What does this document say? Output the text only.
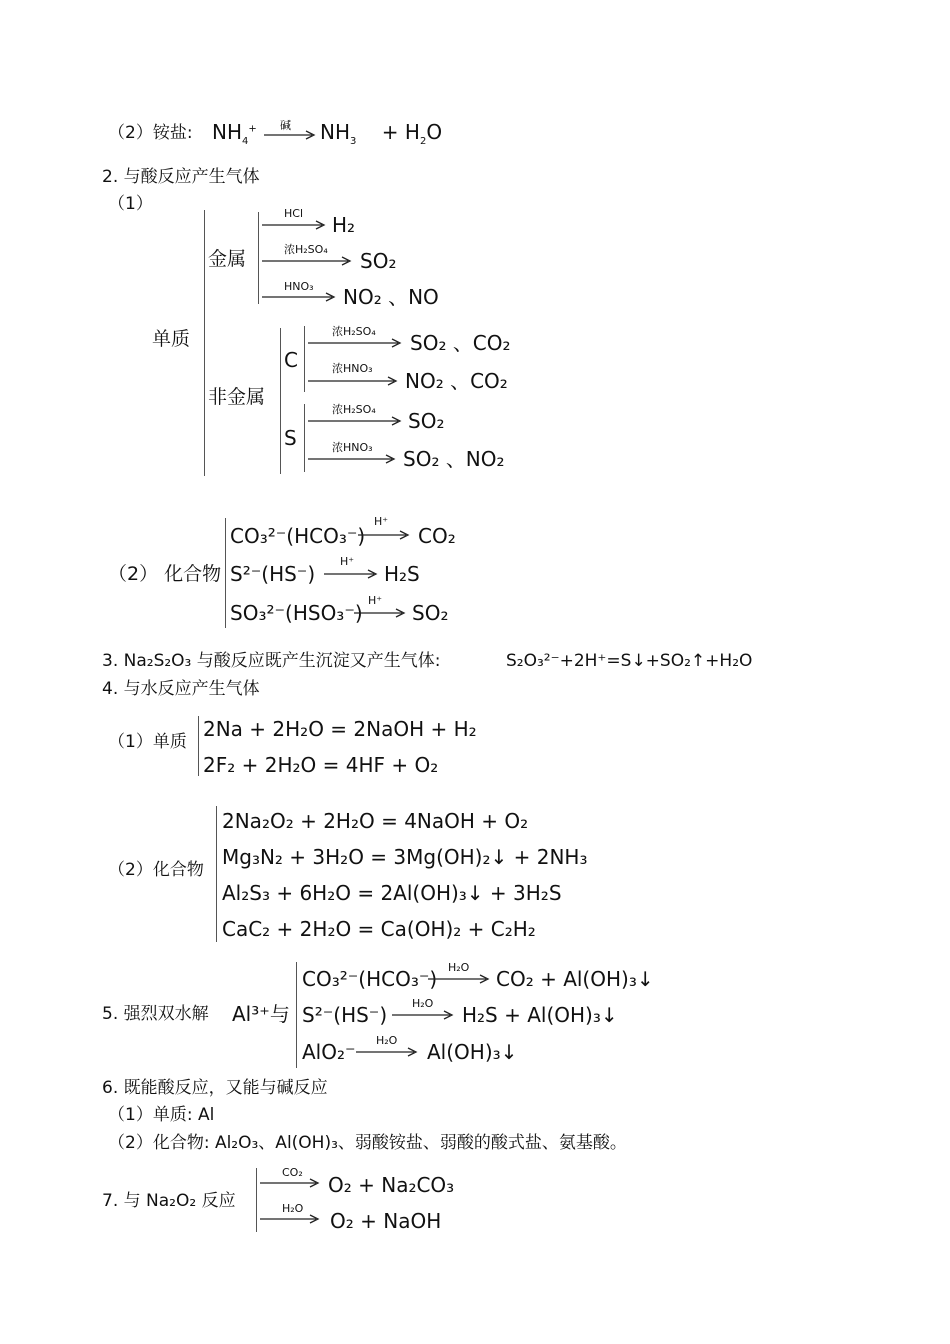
（2）铵盐: $NH_4^+$ 碱 $NH_3$    + $H_2O$
2. 与酸反应产生气体
（1）
单质
金属
HCl H₂
浓H₂SO₄ SO₂
HNO₃ NO₂ 、NO
非金属
C
浓H₂SO₄ SO₂ 、CO₂
浓HNO₃
NO₂ 、CO₂
S
浓H₂SO₄ SO₂
浓HNO₃ SO₂ 、NO₂
（2） 化合物
CO₃²⁻(HCO₃⁻)
H⁺
CO₂
S²⁻(HS⁻)
H⁺
H₂S
SO₃²⁻(HSO₃⁻)
H⁺
SO₂
3. Na₂S₂O₃ 与酸反应既产生沉淀又产生气体:	S₂O₃²⁻+2H⁺=S↓+SO₂↑+H₂O
4. 与水反应产生气体
（1）单质
2Na + 2H₂O = 2NaOH + H₂
2F₂ + 2H₂O = 4HF + O₂
（2）化合物
2Na₂O₂ + 2H₂O = 4NaOH + O₂
Mg₃N₂ + 3H₂O = 3Mg(OH)₂↓ + 2NH₃
Al₂S₃ + 6H₂O = 2Al(OH)₃↓ + 3H₂S
CaC₂ + 2H₂O = Ca(OH)₂ + C₂H₂
5. 强烈双水解 Al³⁺与
CO₃²⁻(HCO₃⁻) H₂O CO₂ + Al(OH)₃↓
S²⁻(HS⁻) H₂O H₂S + Al(OH)₃↓
AlO₂⁻ H₂O Al(OH)₃↓
6. 既能酸反应，又能与碱反应
（1）单质: Al
（2）化合物: Al₂O₃、Al(OH)₃、弱酸铵盐、弱酸的酸式盐、氨基酸。
7. 与 Na₂O₂ 反应
CO₂
O₂ + Na₂CO₃
H₂O
O₂ + NaOH
